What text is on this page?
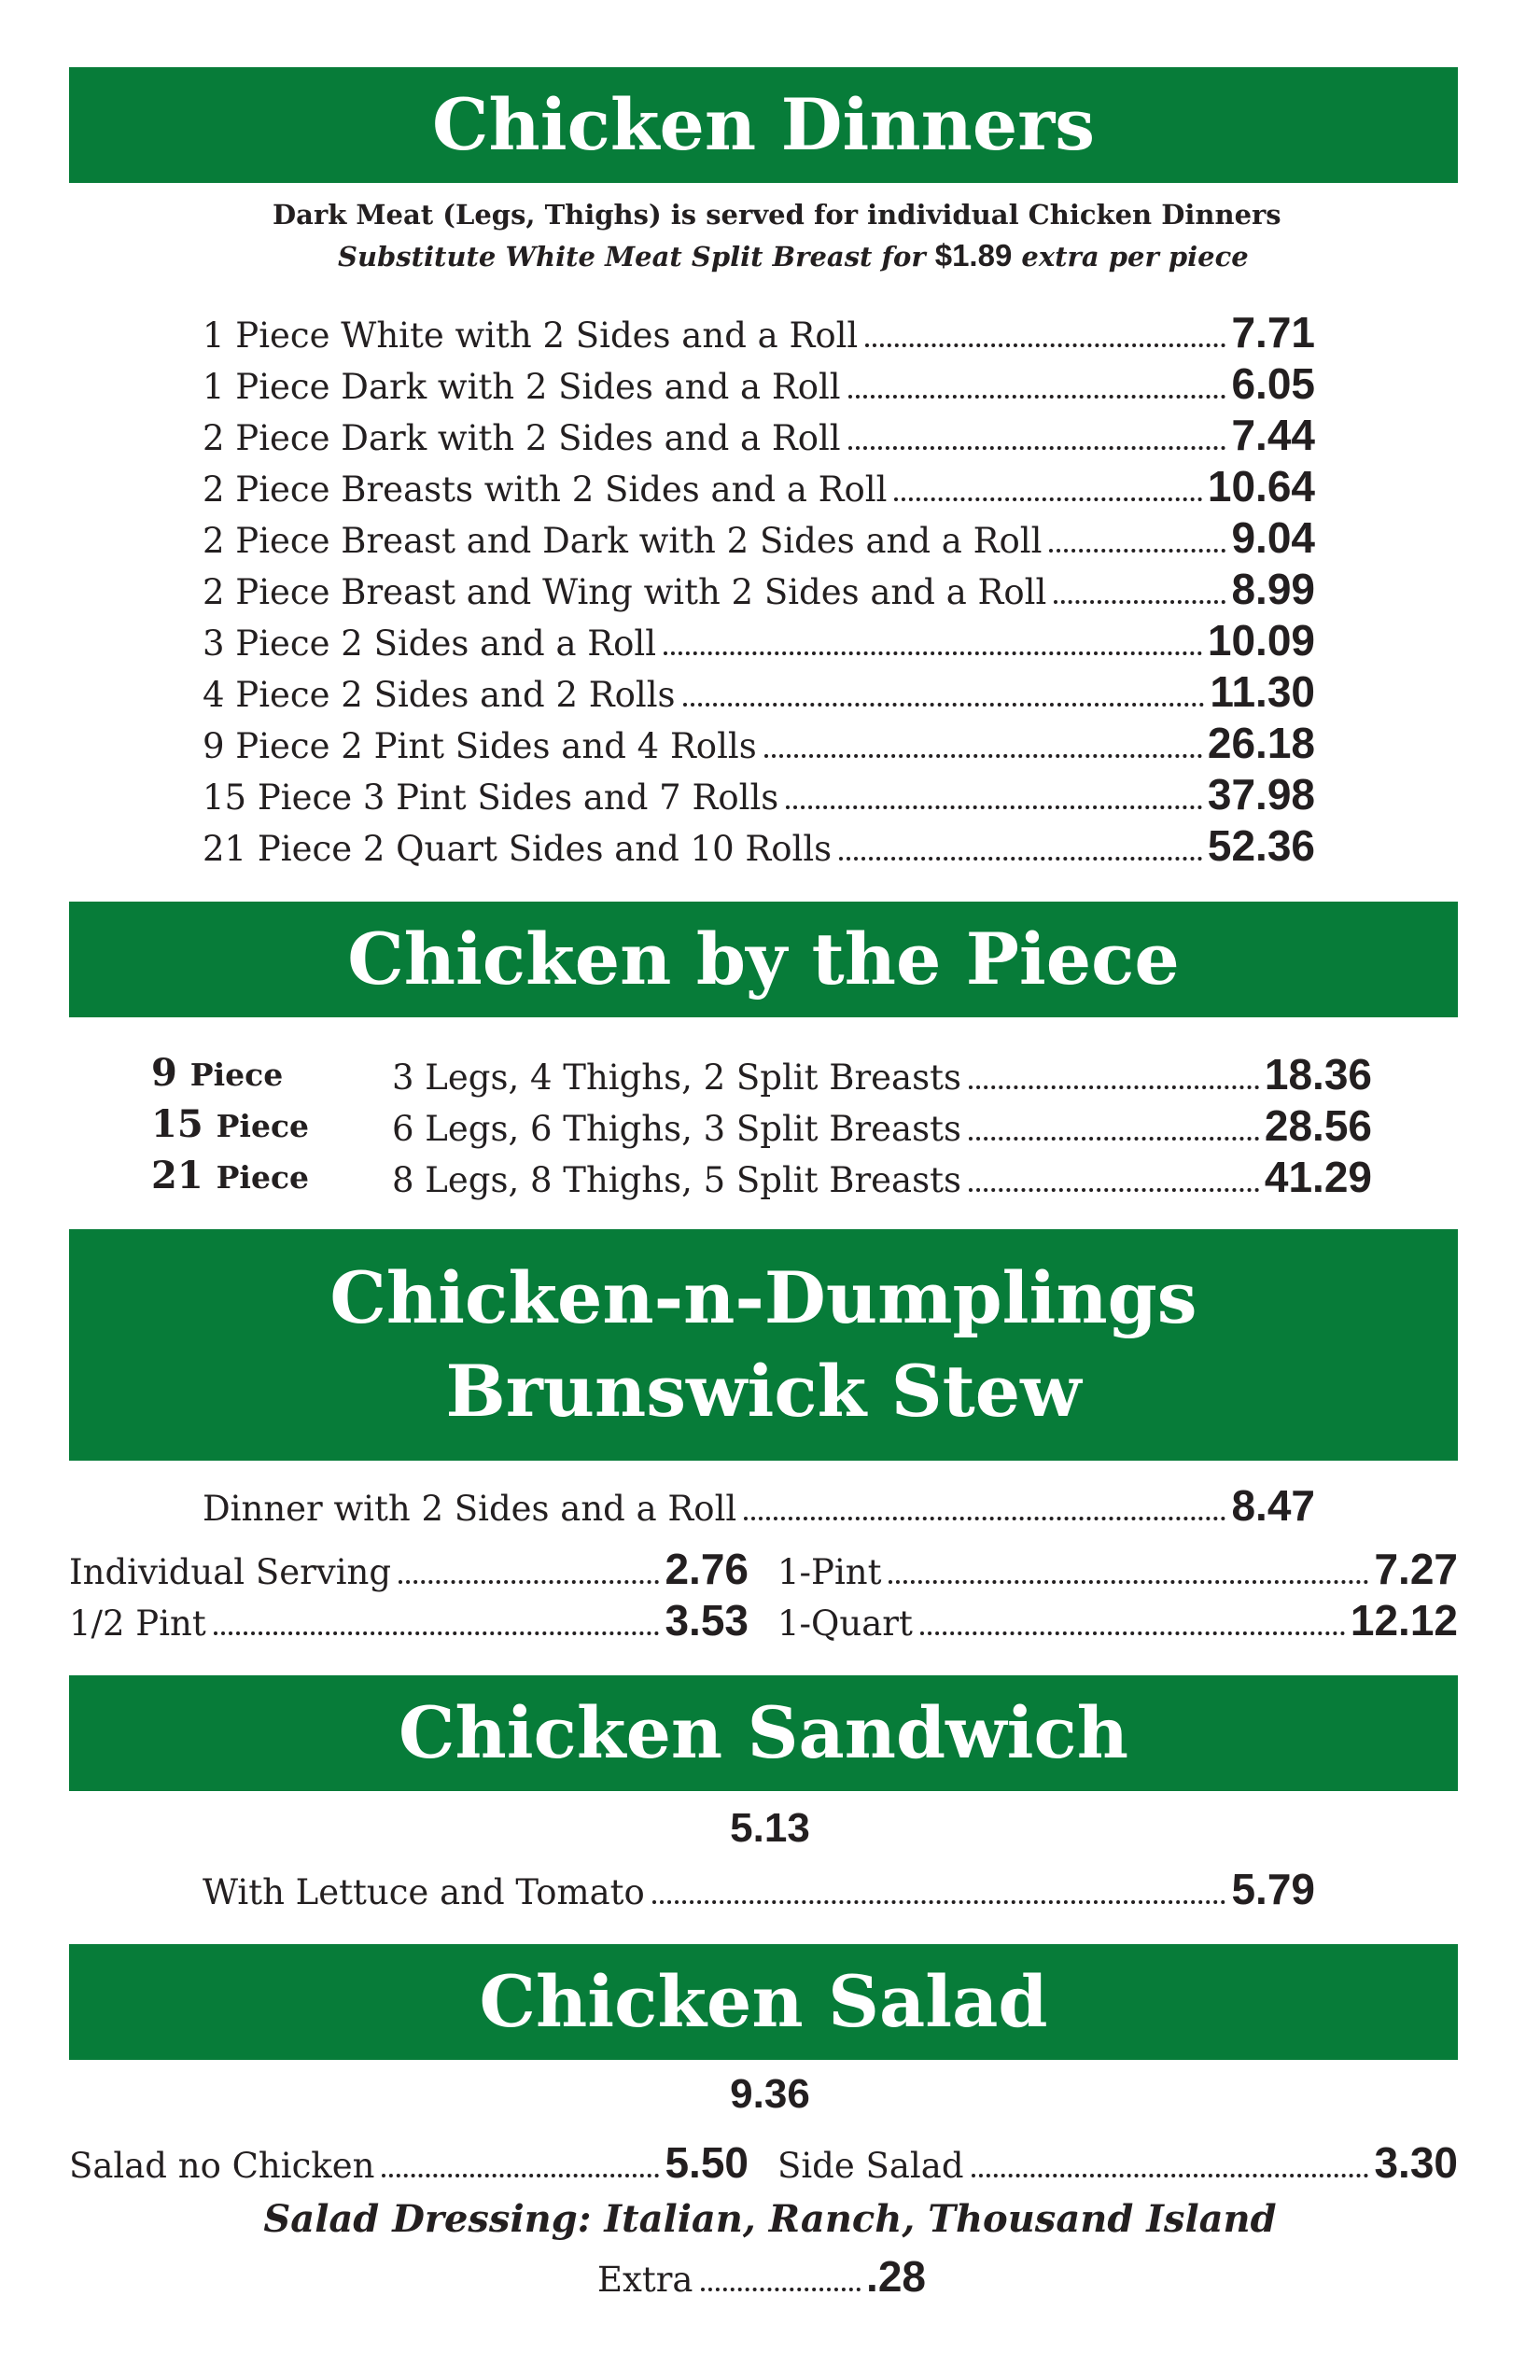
Chicken Dinners
Dark Meat (Legs, Thighs) is served for individual Chicken Dinners
Substitute White Meat Split Breast for $1.89 extra per piece
1 Piece White with 2 Sides and a Roll	7.71
1 Piece Dark with 2 Sides and a Roll	6.05
2 Piece Dark with 2 Sides and a Roll	7.44
2 Piece Breasts with 2 Sides and a Roll	10.64
2 Piece Breast and Dark with 2 Sides and a Roll	9.04
2 Piece Breast and Wing with 2 Sides and a Roll	8.99
3 Piece 2 Sides and a Roll	10.09
4 Piece 2 Sides and 2 Rolls	11.30
9 Piece 2 Pint Sides and 4 Rolls	26.18
15 Piece 3 Pint Sides and 7 Rolls	37.98
21 Piece 2 Quart Sides and 10 Rolls	52.36
Chicken by the Piece
9 Piece	3 Legs, 4 Thighs, 2 Split Breasts	18.36
15 Piece 6 Legs, 6 Thighs, 3 Split Breasts	28.56
21 Piece 8 Legs, 8 Thighs, 5 Split Breasts	41.29
Chicken-n-Dumplings
Brunswick Stew
Dinner with 2 Sides and a Roll	8.47
Individual Serving	2.76 1-Pint	7.27
1/2 Pint	3.53 1-Quart	12.12
Chicken Sandwich
5.13
With Lettuce and Tomato	5.79
Chicken Salad
9.36
Salad no Chicken	5.50 Side Salad	3.30
Salad Dressing: Italian, Ranch, Thousand Island
Extra	.28
